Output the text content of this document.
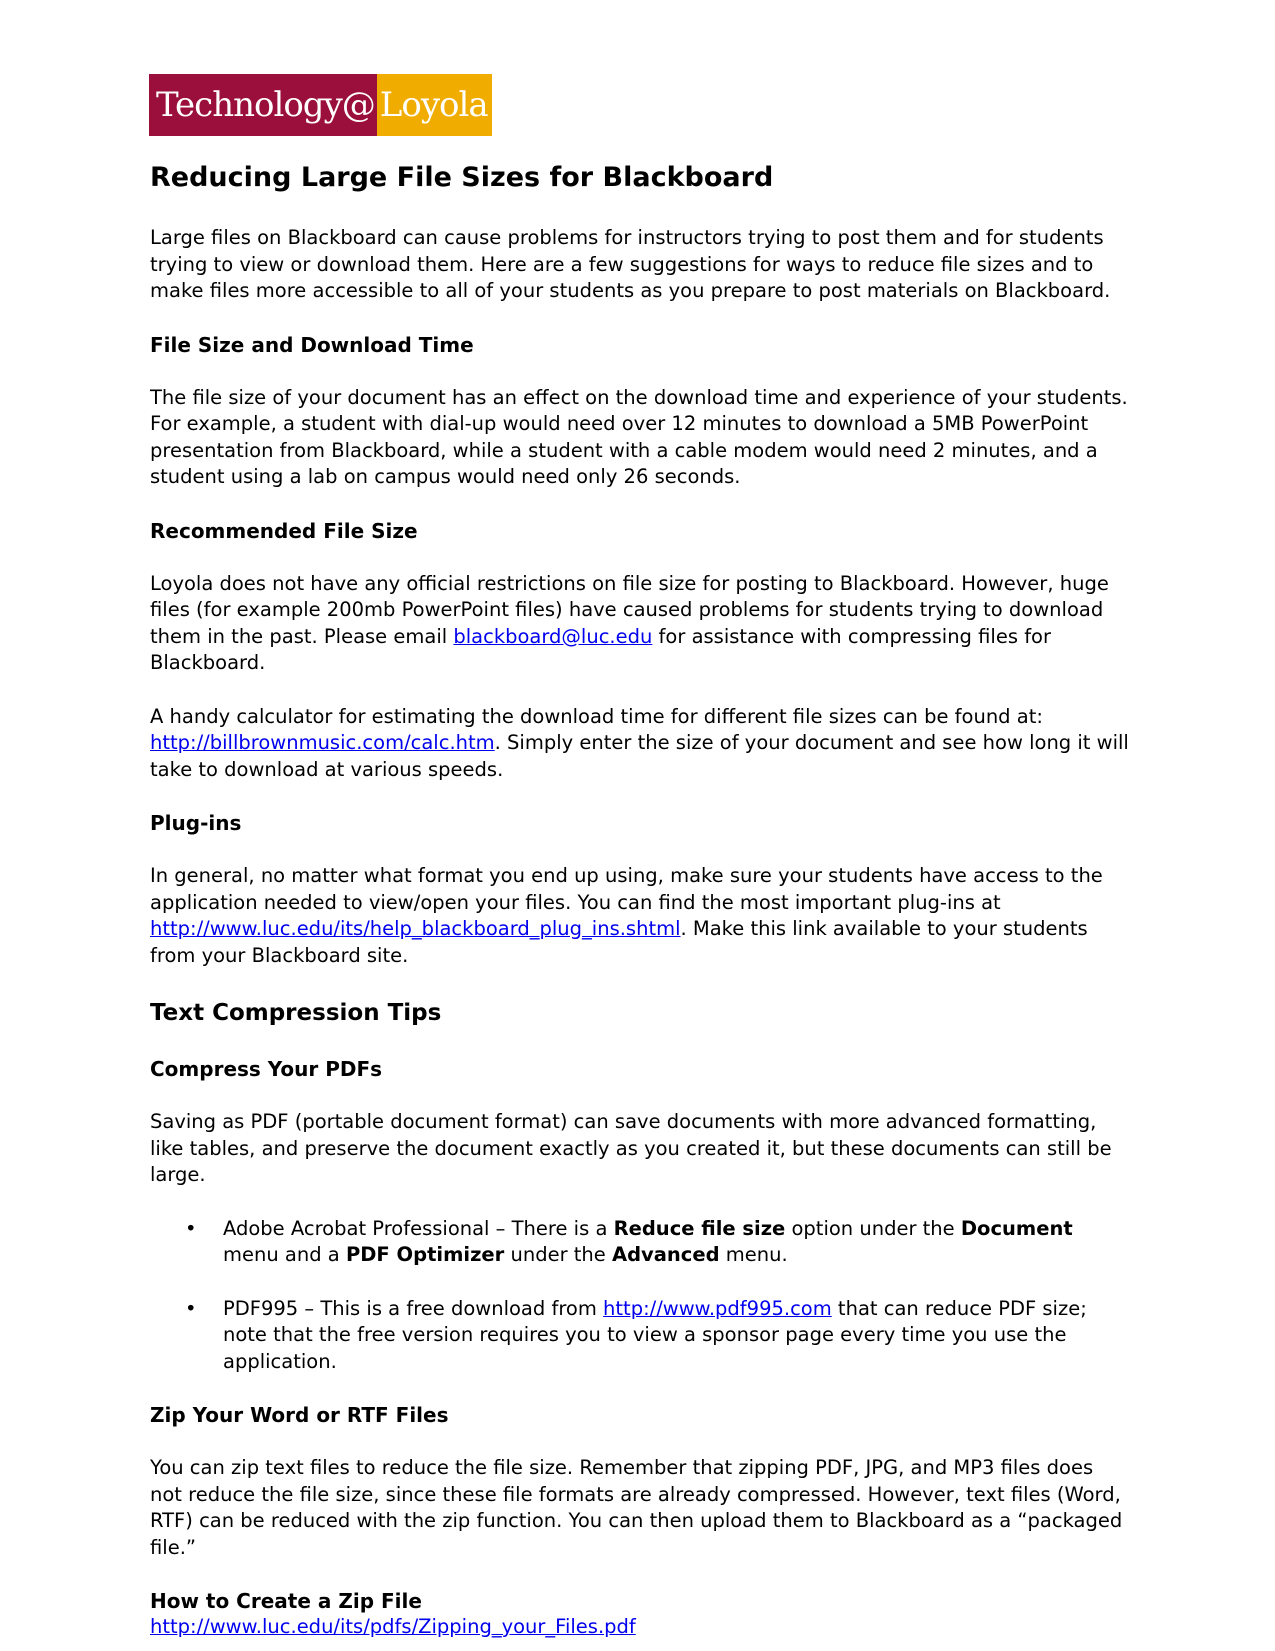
Technology@ Loyola
Reducing Large File Sizes for Blackboard

Large files on Blackboard can cause problems for instructors trying to post them and for students trying to view or download them. Here are a few suggestions for ways to reduce file sizes and to make files more accessible to all of your students as you prepare to post materials on Blackboard.

File Size and Download Time

The file size of your document has an effect on the download time and experience of your students. For example, a student with dial-up would need over 12 minutes to download a 5MB PowerPoint presentation from Blackboard, while a student with a cable modem would need 2 minutes, and a student using a lab on campus would need only 26 seconds.

Recommended File Size

Loyola does not have any official restrictions on file size for posting to Blackboard. However, huge files (for example 200mb PowerPoint files) have caused problems for students trying to download them in the past. Please email blackboard@luc.edu for assistance with compressing files for Blackboard.

A handy calculator for estimating the download time for different file sizes can be found at: http://billbrownmusic.com/calc.htm. Simply enter the size of your document and see how long it will take to download at various speeds.

Plug-ins

In general, no matter what format you end up using, make sure your students have access to the application needed to view/open your files. You can find the most important plug-ins at http://www.luc.edu/its/help_blackboard_plug_ins.shtml. Make this link available to your students from your Blackboard site.

Text Compression Tips
Compress Your PDFs

Saving as PDF (portable document format) can save documents with more advanced formatting, like tables, and preserve the document exactly as you created it, but these documents can still be large.

• Adobe Acrobat Professional – There is a Reduce file size option under the Document menu and a PDF Optimizer under the Advanced menu.
• PDF995 – This is a free download from http://www.pdf995.com that can reduce PDF size; note that the free version requires you to view a sponsor page every time you use the application.
Zip Your Word or RTF Files

You can zip text files to reduce the file size. Remember that zipping PDF, JPG, and MP3 files does not reduce the file size, since these file formats are already compressed. However, text files (Word, RTF) can be reduced with the zip function. You can then upload them to Blackboard as a “packaged file.”

How to Create a Zip File
http://www.luc.edu/its/pdfs/Zipping_your_Files.pdf
